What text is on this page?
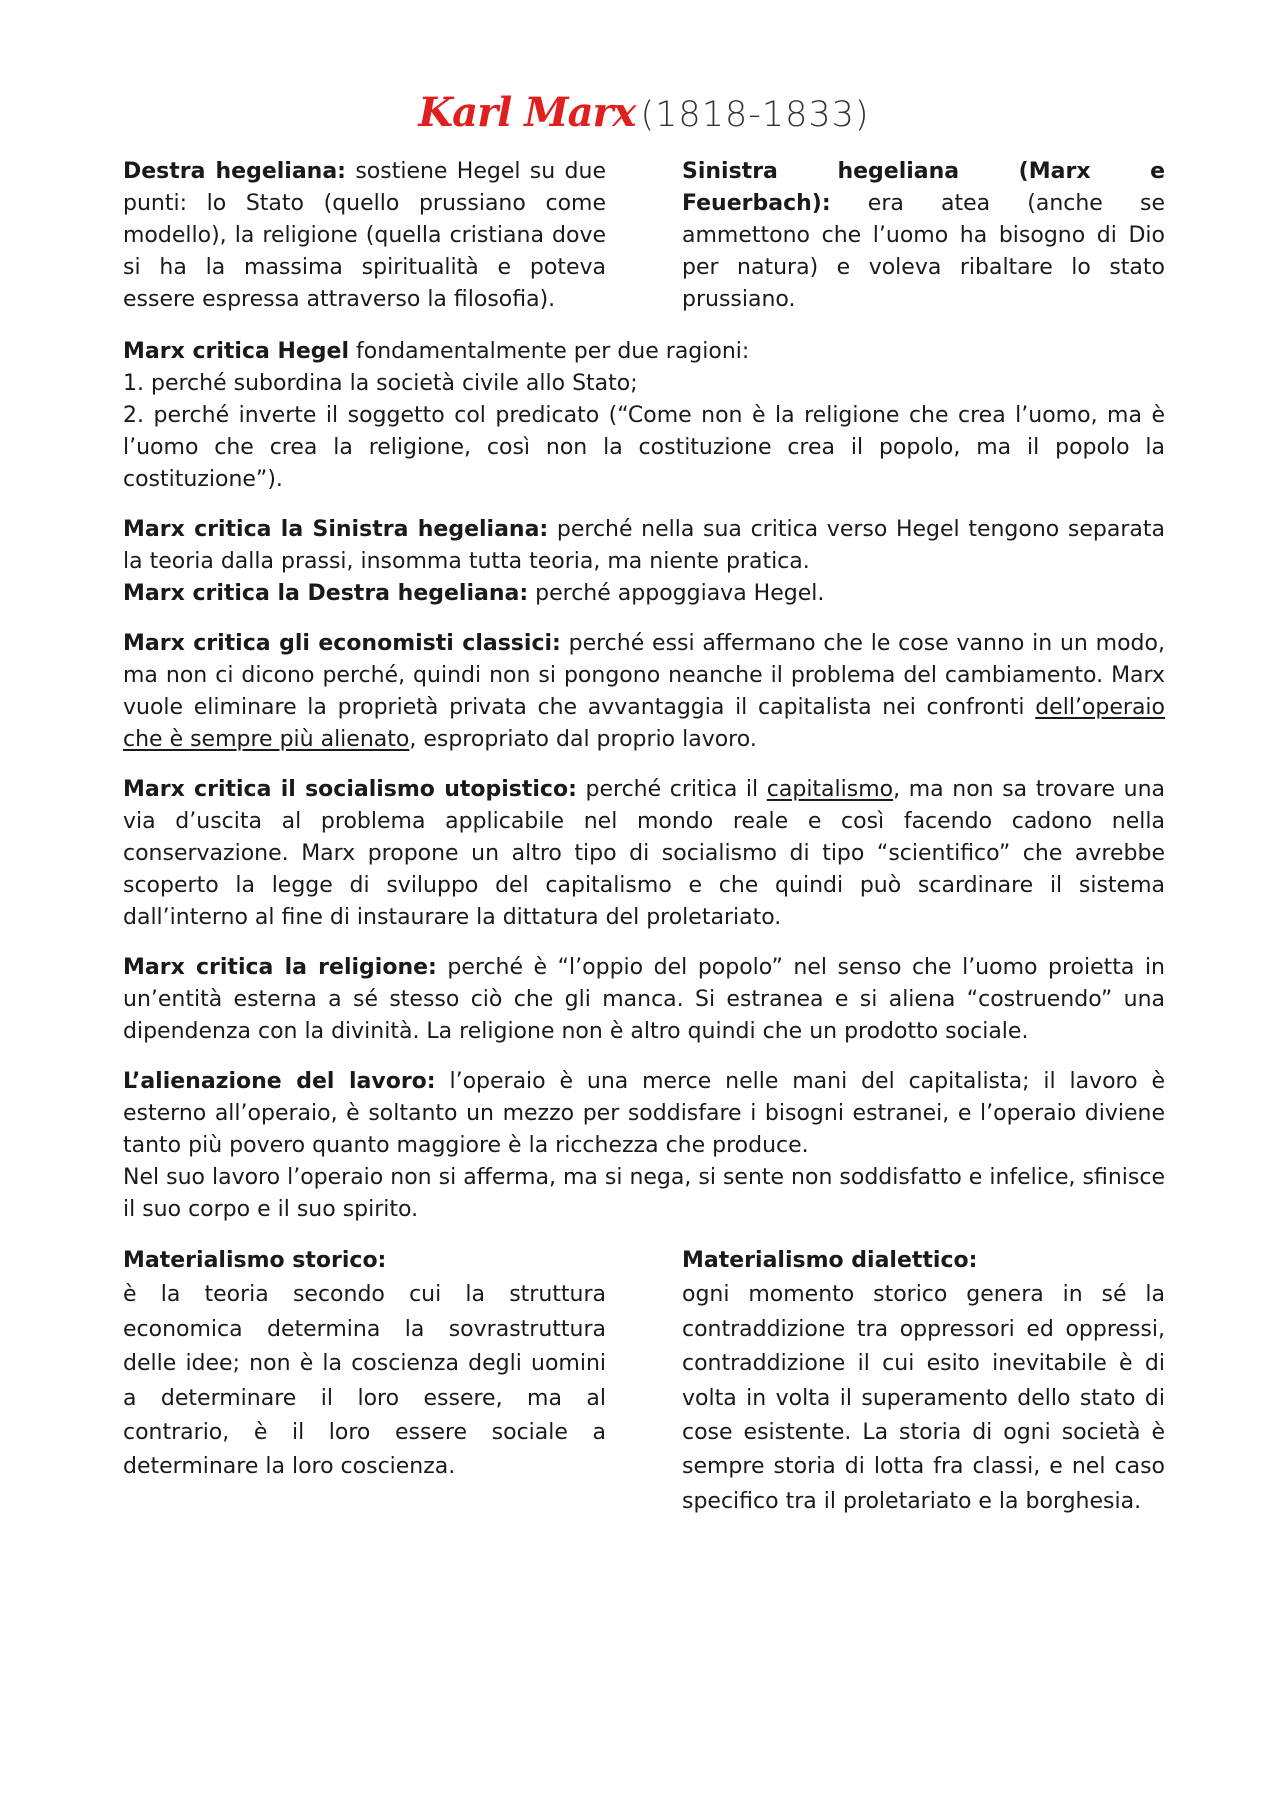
Karl Marx (1818-1833)

Destra hegeliana: sostiene Hegel su due punti: lo Stato (quello prussiano come modello), la religione (quella cristiana dove si ha la massima spiritualità e poteva essere espressa attraverso la filosofia).

Sinistra hegeliana (Marx e Feuerbach): era atea (anche se ammettono che l’uomo ha bisogno di Dio per natura) e voleva ribaltare lo stato prussiano.

Marx critica Hegel fondamentalmente per due ragioni:

1. perché subordina la società civile allo Stato;

2. perché inverte il soggetto col predicato (“Come non è la religione che crea l’uomo, ma è l’uomo che crea la religione, così non la costituzione crea il popolo, ma il popolo la costituzione”).

Marx critica la Sinistra hegeliana: perché nella sua critica verso Hegel tengono separata la teoria dalla prassi, insomma tutta teoria, ma niente pratica.

Marx critica la Destra hegeliana: perché appoggiava Hegel.

Marx critica gli economisti classici: perché essi affermano che le cose vanno in un modo, ma non ci dicono perché, quindi non si pongono neanche il problema del cambiamento. Marx vuole eliminare la proprietà privata che avvantaggia il capitalista nei confronti dell’operaio che è sempre più alienato, espropriato dal proprio lavoro.

Marx critica il socialismo utopistico: perché critica il capitalismo, ma non sa trovare una via d’uscita al problema applicabile nel mondo reale e così facendo cadono nella conservazione. Marx propone un altro tipo di socialismo di tipo “scientifico” che avrebbe scoperto la legge di sviluppo del capitalismo e che quindi può scardinare il sistema dall’interno al fine di instaurare la dittatura del proletariato.

Marx critica la religione: perché è “l’oppio del popolo” nel senso che l’uomo proietta in un’entità esterna a sé stesso ciò che gli manca. Si estranea e si aliena “costruendo” una dipendenza con la divinità. La religione non è altro quindi che un prodotto sociale.

L’alienazione del lavoro: l’operaio è una merce nelle mani del capitalista; il lavoro è esterno all’operaio, è soltanto un mezzo per soddisfare i bisogni estranei, e l’operaio diviene tanto più povero quanto maggiore è la ricchezza che produce.

Nel suo lavoro l’operaio non si afferma, ma si nega, si sente non soddisfatto e infelice, sfinisce il suo corpo e il suo spirito.

Materialismo storico:

è la teoria secondo cui la struttura economica determina la sovrastruttura delle idee; non è la coscienza degli uomini a determinare il loro essere, ma al contrario, è il loro essere sociale a determinare la loro coscienza.

Materialismo dialettico:

ogni momento storico genera in sé la contraddizione tra oppressori ed oppressi, contraddizione il cui esito inevitabile è di volta in volta il superamento dello stato di cose esistente. La storia di ogni società è sempre storia di lotta fra classi, e nel caso specifico tra il proletariato e la borghesia.
